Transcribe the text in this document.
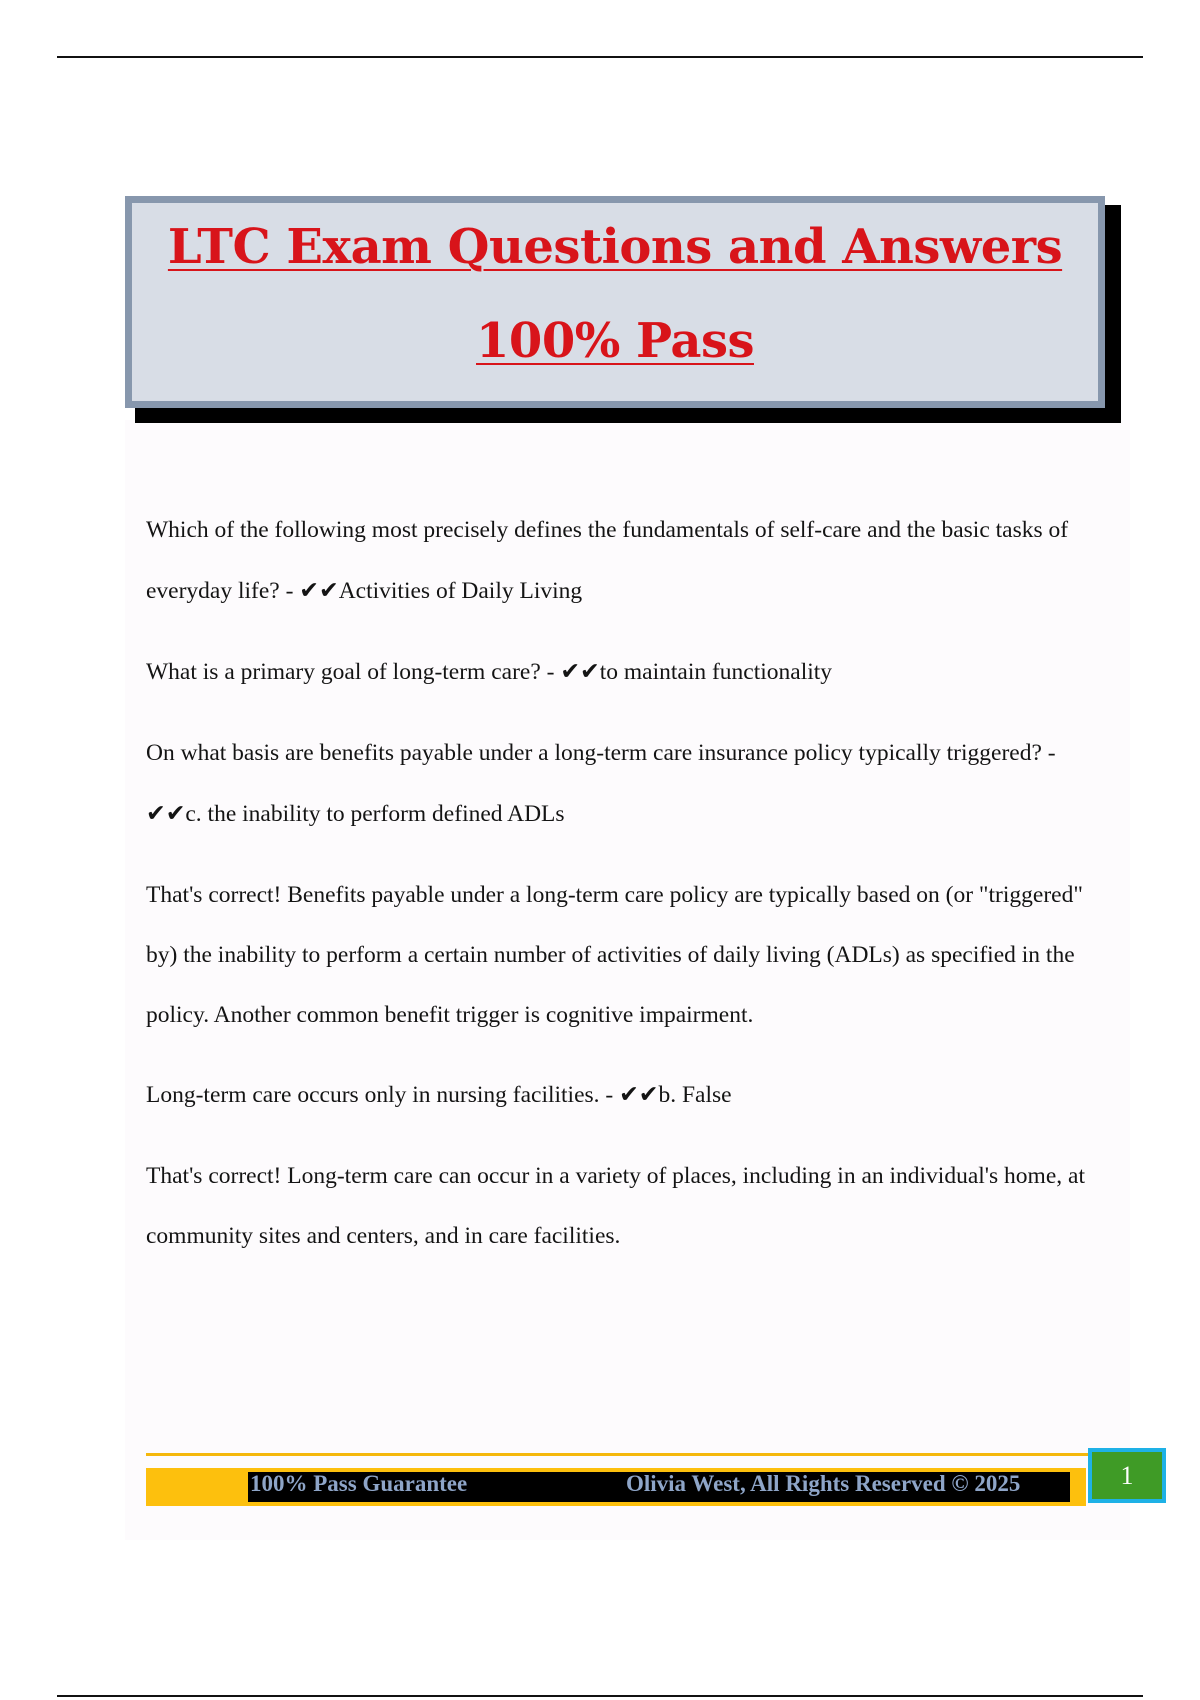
LTC Exam Questions and Answers
100% Pass

Which of the following most precisely defines the fundamentals of self-care and the basic tasks of everyday life? - ✔✔Activities of Daily Living

What is a primary goal of long-term care? - ✔✔to maintain functionality

On what basis are benefits payable under a long-term care insurance policy typically triggered? - ✔✔c. the inability to perform defined ADLs

That's correct! Benefits payable under a long-term care policy are typically based on (or "triggered" by) the inability to perform a certain number of activities of daily living (ADLs) as specified in the policy. Another common benefit trigger is cognitive impairment.

Long-term care occurs only in nursing facilities. - ✔✔b. False

That's correct! Long-term care can occur in a variety of places, including in an individual's home, at community sites and centers, and in care facilities.

100% Pass Guarantee	Olivia West, All Rights Reserved © 2025	1
